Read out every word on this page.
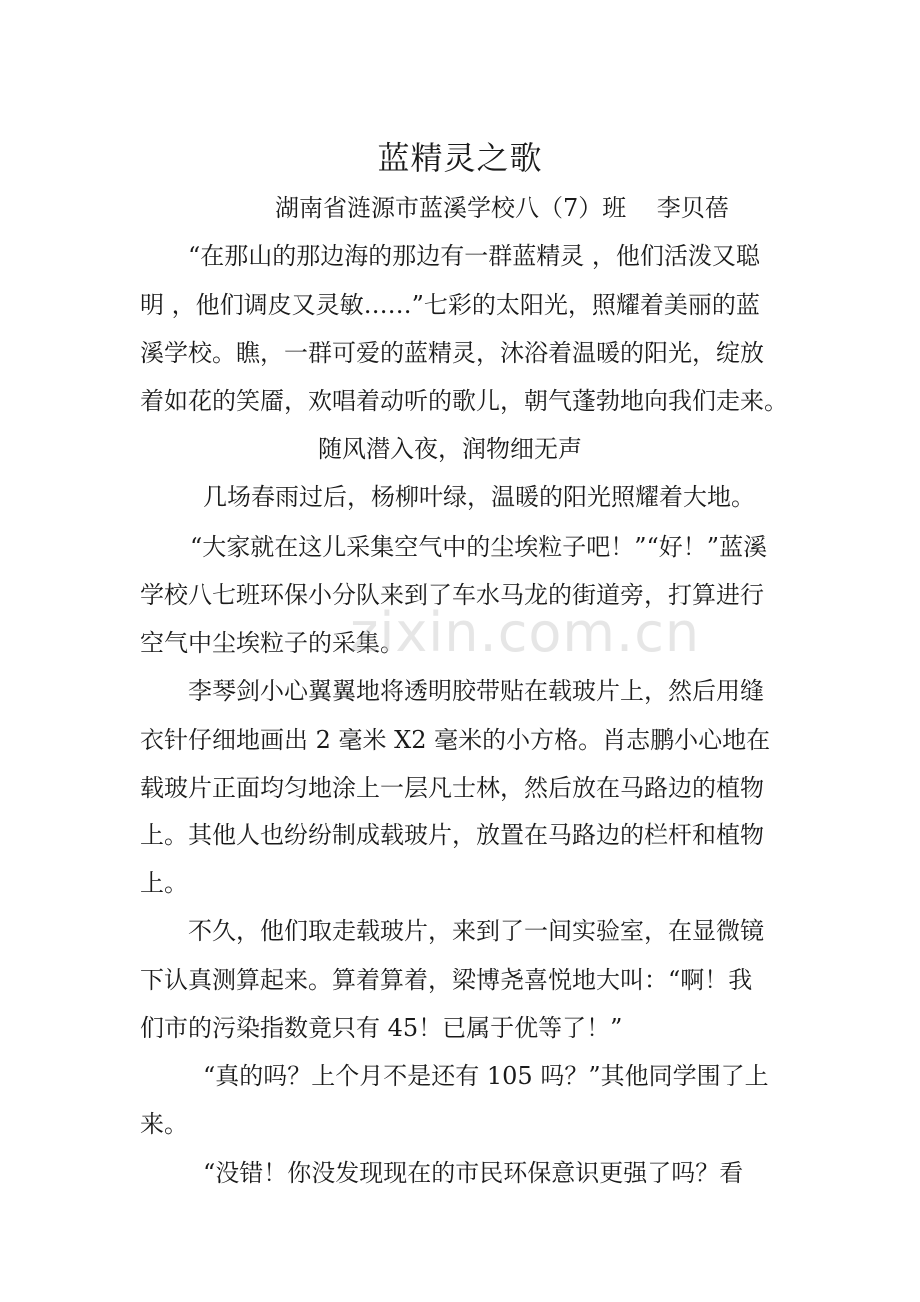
蓝精灵之歌
湖南省涟源市蓝溪学校八（7）班    李贝蓓
“在那山的那边海的那边有一群蓝精灵 ，他们活泼又聪
明 ，他们调皮又灵敏……”七彩的太阳光，照耀着美丽的蓝
溪学校。瞧，一群可爱的蓝精灵，沐浴着温暖的阳光，绽放
着如花的笑靥，欢唱着动听的歌儿，朝气蓬勃地向我们走来。
随风潜入夜，润物细无声
几场春雨过后，杨柳叶绿，温暖的阳光照耀着大地。
“大家就在这儿采集空气中的尘埃粒子吧！”“好！”蓝溪
学校八七班环保小分队来到了车水马龙的街道旁，打算进行
空气中尘埃粒子的采集。
李琴剑小心翼翼地将透明胶带贴在载玻片上，然后用缝
衣针仔细地画出 2 毫米 X2 毫米的小方格。肖志鹏小心地在
载玻片正面均匀地涂上一层凡士林，然后放在马路边的植物
上。其他人也纷纷制成载玻片，放置在马路边的栏杆和植物
上。
不久，他们取走载玻片，来到了一间实验室，在显微镜
下认真测算起来。算着算着，梁博尧喜悦地大叫：“啊！我
们市的污染指数竟只有 45！已属于优等了！”
“真的吗？上个月不是还有 105 吗？”其他同学围了上
来。
“没错！你没发现现在的市民环保意识更强了吗？看
zixin.com.cn
